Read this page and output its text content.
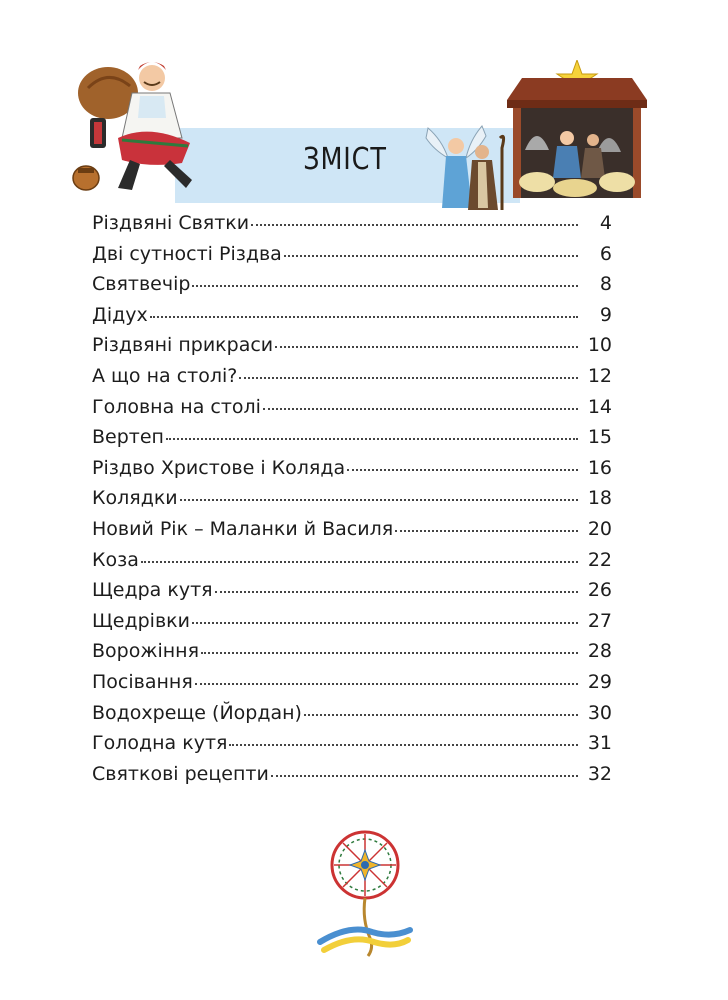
ЗМІСТ
Різдвяні Святки	4
Дві сутності Різдва	6
Святвечір	8
Дідух	9
Різдвяні прикраси	10
А що на столі?	12
Головна на столі	14
Вертеп	15
Різдво Христове і Коляда	16
Колядки	18
Новий Рік – Маланки й Василя	20
Коза	22
Щедра кутя	26
Щедрівки	27
Ворожіння	28
Посівання	29
Водохреще (Йордан)	30
Голодна кутя	31
Святкові рецепти	32
